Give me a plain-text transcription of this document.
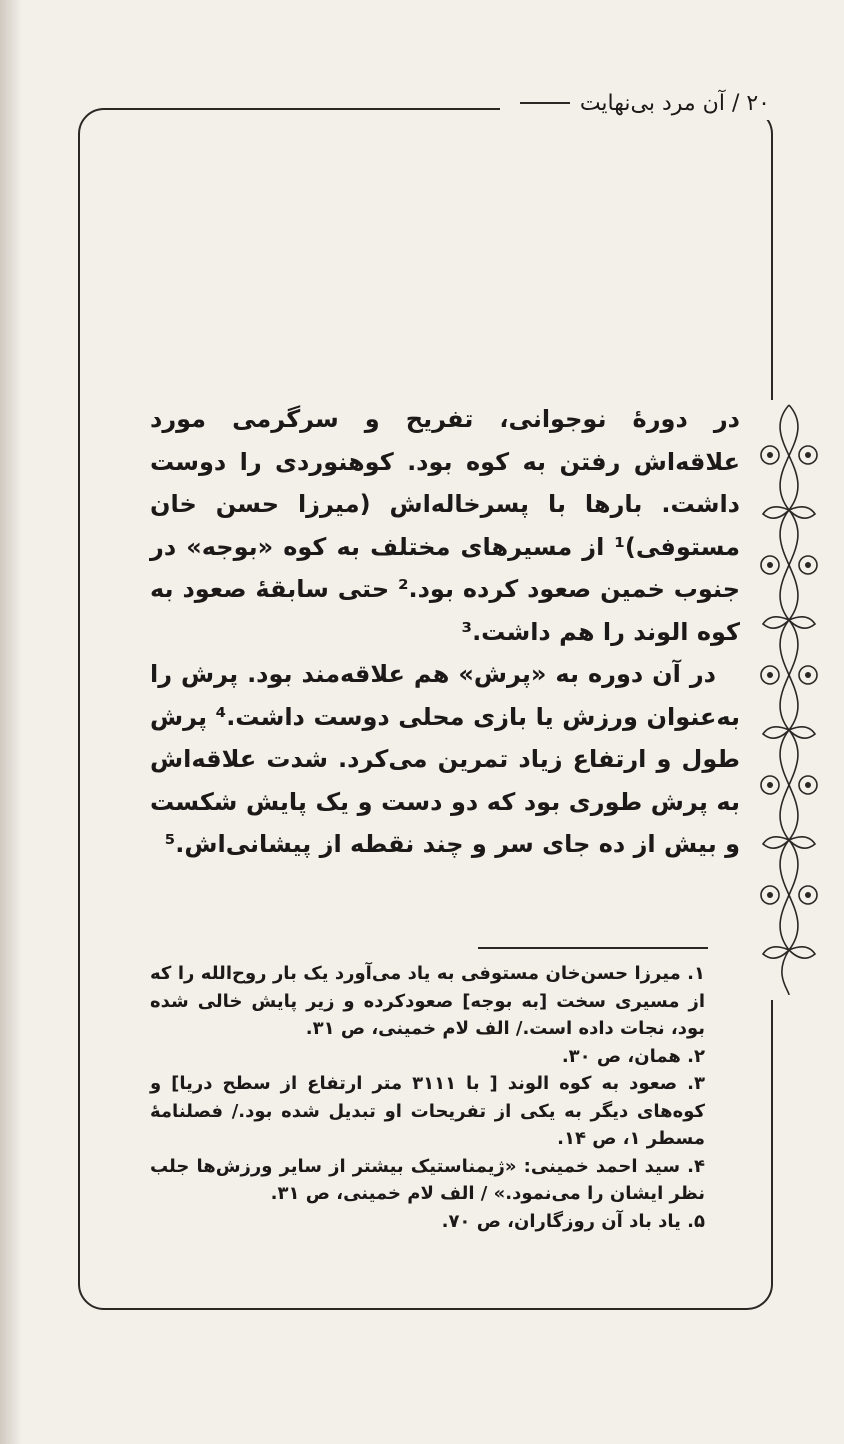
۲۰ / آن مرد بی‌نهایت

در دورهٔ نوجوانی، تفریح و سرگرمی مورد علاقه‌اش رفتن به کوه بود. کوهنوردی را دوست داشت. بارها با پسرخاله‌اش (میرزا حسن خان مستوفی)¹ از مسیرهای مختلف به کوه «بوجه» در جنوب خمین صعود کرده بود.² حتی سابقهٔ صعود به کوه الوند را هم داشت.³

در آن دوره به «پرش» هم علاقه‌مند بود. پرش را به‌عنوان ورزش یا بازی محلی دوست داشت.⁴ پرش طول و ارتفاع زیاد تمرین می‌کرد. شدت علاقه‌اش به پرش طوری بود که دو دست و یک پایش شکست و بیش از ده جای سر و چند نقطه از پیشانی‌اش.⁵

۱. میرزا حسن‌خان مستوفی به یاد می‌آورد یک بار روح‌الله را که از مسیری سخت [به بوجه] صعودکرده و زیر پایش خالی شده بود، نجات داده است./ الف لام خمینی، ص ۳۱.

۲. همان، ص ۳۰.

۳. صعود به کوه الوند [ با ۳۱۱۱ متر ارتفاع از سطح دریا] و کوه‌های دیگر به یکی از تفریحات او تبدیل شده بود./ فصلنامهٔ مسطر ۱، ص ۱۴.

۴. سید احمد خمینی: «ژیمناستیک بیشتر از سایر ورزش‌ها جلب نظر ایشان را می‌نمود.» / الف لام خمینی، ص ۳۱.

۵. یاد باد آن روزگاران، ص ۷۰.
